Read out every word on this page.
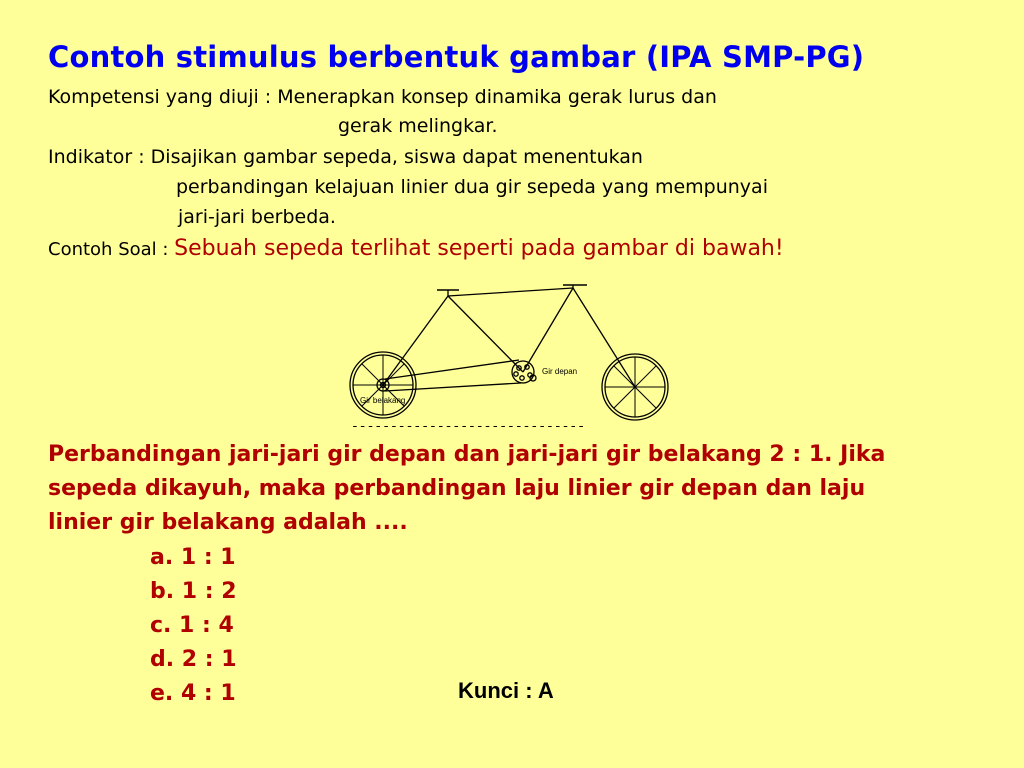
Contoh stimulus berbentuk gambar (IPA SMP-PG)
Kompetensi yang diuji : Menerapkan konsep dinamika gerak lurus dan
gerak melingkar.
Indikator : Disajikan gambar sepeda, siswa dapat menentukan
perbandingan kelajuan linier dua gir sepeda yang mempunyai
jari-jari berbeda.
Contoh Soal : Sebuah sepeda terlihat seperti pada gambar di bawah!
Gir depan
Gir belakang
------------------------------
Perbandingan jari-jari gir depan dan jari-jari gir belakang 2 : 1. Jika
sepeda dikayuh, maka perbandingan laju linier gir depan dan laju
linier gir belakang adalah ....
a. 1 : 1
b. 1 : 2
c. 1 : 4
d. 2 : 1
e. 4 : 1	Kunci : A
